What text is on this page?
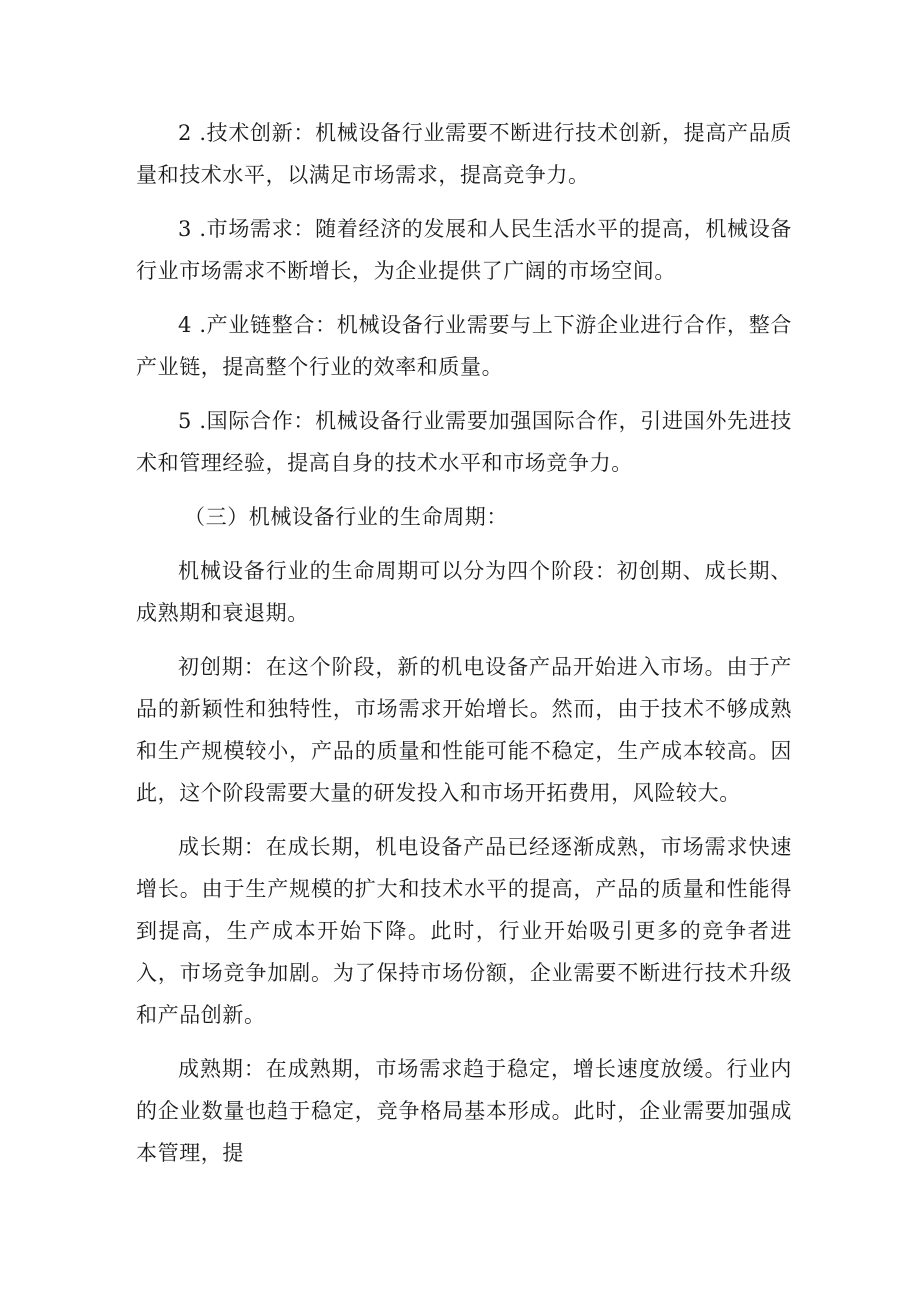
2 .技术创新：机械设备行业需要不断进行技术创新，提高产品质量和技术水平，以满足市场需求，提高竞争力。

3 .市场需求：随着经济的发展和人民生活水平的提高，机械设备行业市场需求不断增长，为企业提供了广阔的市场空间。

4 .产业链整合：机械设备行业需要与上下游企业进行合作，整合产业链，提高整个行业的效率和质量。

5 .国际合作：机械设备行业需要加强国际合作，引进国外先进技术和管理经验，提高自身的技术水平和市场竞争力。

（三）机械设备行业的生命周期：

机械设备行业的生命周期可以分为四个阶段：初创期、成长期、成熟期和衰退期。

初创期：在这个阶段，新的机电设备产品开始进入市场。由于产品的新颖性和独特性，市场需求开始增长。然而，由于技术不够成熟和生产规模较小，产品的质量和性能可能不稳定，生产成本较高。因此，这个阶段需要大量的研发投入和市场开拓费用，风险较大。

成长期：在成长期，机电设备产品已经逐渐成熟，市场需求快速增长。由于生产规模的扩大和技术水平的提高，产品的质量和性能得到提高，生产成本开始下降。此时，行业开始吸引更多的竞争者进入，市场竞争加剧。为了保持市场份额，企业需要不断进行技术升级和产品创新。

成熟期：在成熟期，市场需求趋于稳定，增长速度放缓。行业内的企业数量也趋于稳定，竞争格局基本形成。此时，企业需要加强成本管理，提
